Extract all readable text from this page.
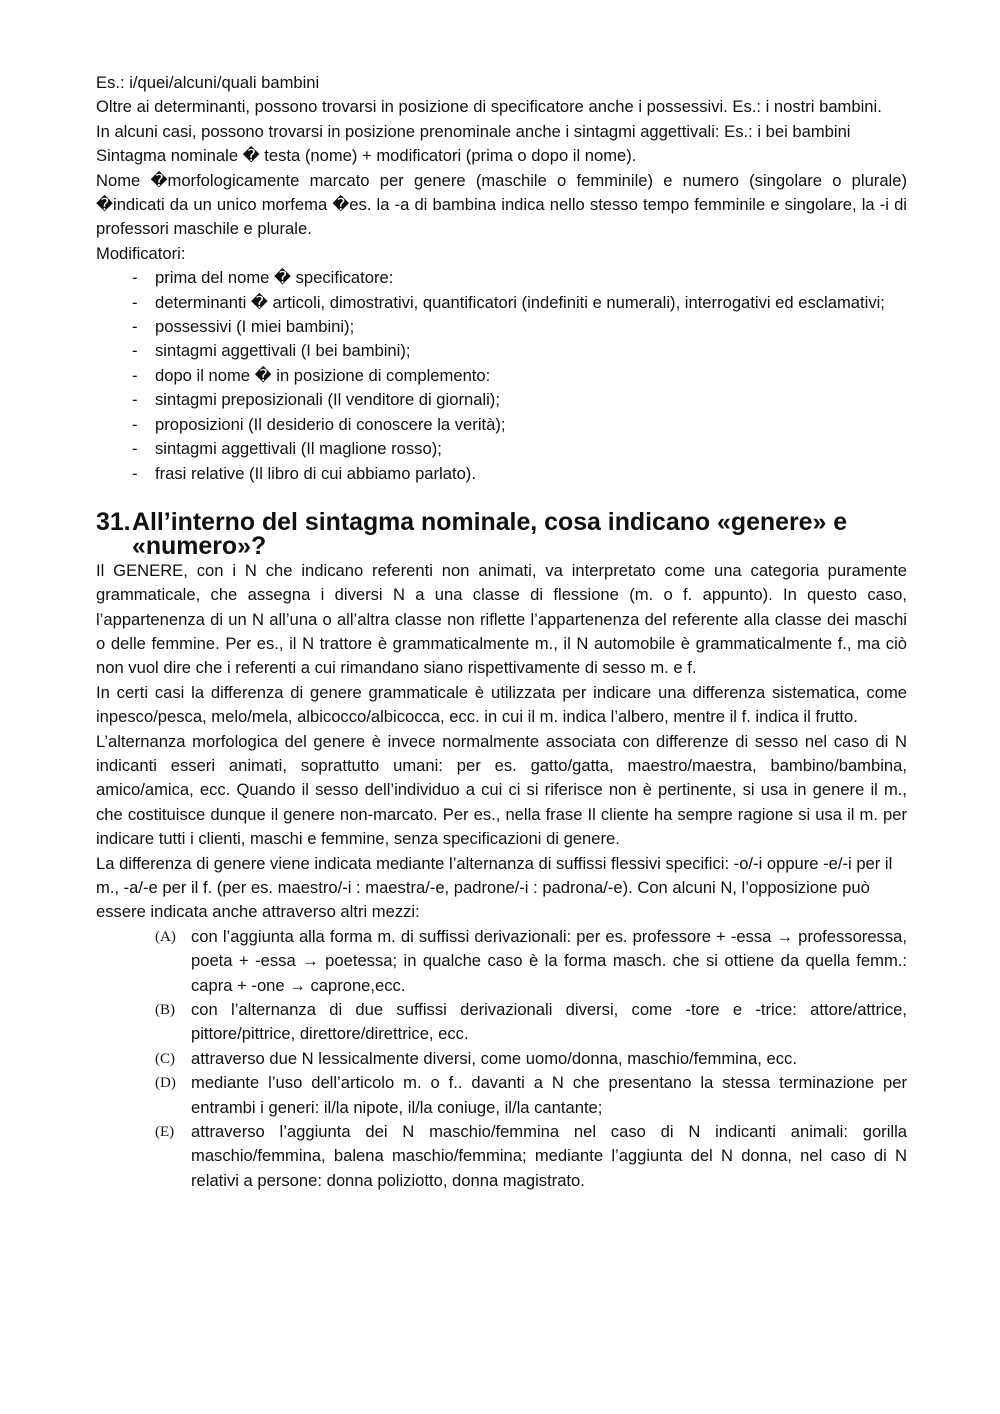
Es.: i/quei/alcuni/quali bambini

Oltre ai determinanti, possono trovarsi in posizione di specificatore anche i possessivi. Es.: i nostri bambini.

In alcuni casi, possono trovarsi in posizione prenominale anche i sintagmi aggettivali: Es.: i bei bambini

Sintagma nominale � testa (nome) + modificatori (prima o dopo il nome).

Nome �morfologicamente marcato per genere (maschile o femminile) e numero (singolare o plurale) �indicati da un unico morfema �es. la -a di bambina indica nello stesso tempo femminile e singolare, la -i di professori maschile e plurale.

Modificatori:

- prima del nome � specificatore:
- determinanti � articoli, dimostrativi, quantificatori (indefiniti e numerali), interrogativi ed esclamativi;
- possessivi (I miei bambini);
- sintagmi aggettivali (I bei bambini);
- dopo il nome � in posizione di complemento:
- sintagmi preposizionali (Il venditore di giornali);
- proposizioni (Il desiderio di conoscere la verità);
- sintagmi aggettivali (Il maglione rosso);
- frasi relative (Il libro di cui abbiamo parlato).
31. All’interno del sintagma nominale, cosa indicano «genere» e «numero»?

Il GENERE, con i N che indicano referenti non animati, va interpretato come una categoria puramente grammaticale, che assegna i diversi N a una classe di flessione (m. o f. appunto). In questo caso, l’appartenenza di un N all’una o all’altra classe non riflette l’appartenenza del referente alla classe dei maschi o delle femmine. Per es., il N trattore è grammaticalmente m., il N automobile è grammaticalmente f., ma ciò non vuol dire che i referenti a cui rimandano siano rispettivamente di sesso m. e f.

In certi casi la differenza di genere grammaticale è utilizzata per indicare una differenza sistematica, come inpesco/pesca, melo/mela, albicocco/albicocca, ecc. in cui il m. indica l’albero, mentre il f. indica il frutto.

L’alternanza morfologica del genere è invece normalmente associata con differenze di sesso nel caso di N indicanti esseri animati, soprattutto umani: per es. gatto/gatta, maestro/maestra, bambino/bambina, amico/amica, ecc. Quando il sesso dell’individuo a cui ci si riferisce non è pertinente, si usa in genere il m., che costituisce dunque il genere non-marcato. Per es., nella frase Il cliente ha sempre ragione si usa il m. per indicare tutti i clienti, maschi e femmine, senza specificazioni di genere.

La differenza di genere viene indicata mediante l’alternanza di suffissi flessivi specifici: -o/-i oppure -e/-i per il m., -a/-e per il f. (per es. maestro/-i : maestra/-e, padrone/-i : padrona/-e). Con alcuni N, l’opposizione può essere indicata anche attraverso altri mezzi:

(A) con l’aggiunta alla forma m. di suffissi derivazionali: per es. professore + -essa → professoressa, poeta + -essa → poetessa; in qualche caso è la forma masch. che si ottiene da quella femm.: capra + -one → caprone,ecc.
(B) con l’alternanza di due suffissi derivazionali diversi, come -tore e -trice: attore/attrice, pittore/pittrice, direttore/direttrice, ecc.
(C) attraverso due N lessicalmente diversi, come uomo/donna, maschio/femmina, ecc.
(D) mediante l’uso dell’articolo m. o f.. davanti a N che presentano la stessa terminazione per entrambi i generi: il/la nipote, il/la coniuge, il/la cantante;
(E) attraverso l’aggiunta dei N maschio/femmina nel caso di N indicanti animali: gorilla maschio/femmina, balena maschio/femmina; mediante l’aggiunta del N donna, nel caso di N relativi a persone: donna poliziotto, donna magistrato.
